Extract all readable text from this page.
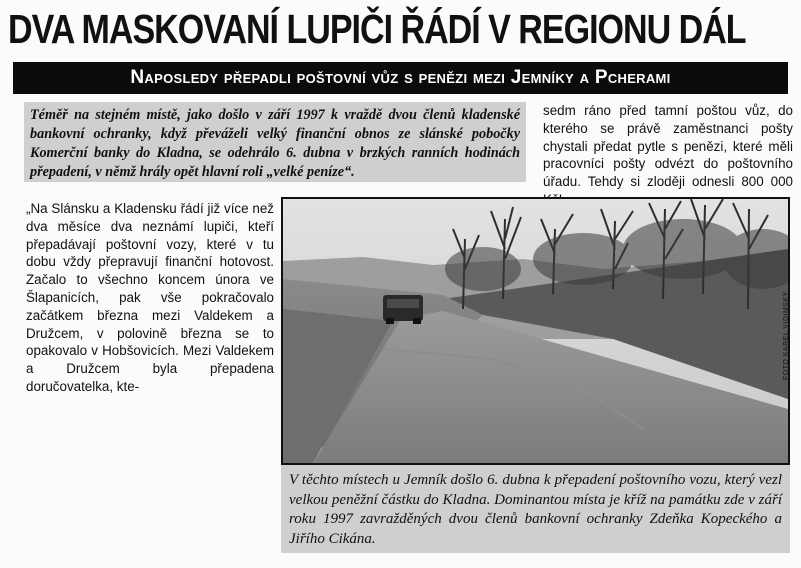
DVA MASKOVANÍ LUPIČI ŘÁDÍ V REGIONU DÁL
Naposledy přepadli poštovní vůz s penězi mezi Jemníky a Pcherami
Téměř na stejném místě, jako došlo v září 1997 k vraždě dvou členů kladenské bankovní ochranky, když převáželi velký finanční obnos ze slánské pobočky Komerční banky do Kladna, se odehrálo 6. dubna v brzkých ranních hodinách přepadení, v němž hrály opět hlavní roli „velké peníze“.
„Na Slánsku a Kladensku řádí již více než dva měsíce dva neznámí lupiči, kteří přepadávají poštovní vozy, které v tu dobu vždy přepravují finanční hotovost. Začalo to všechno koncem února ve Šlapanicích, pak vše pokračovalo začátkem března mezi Valdekem a Družcem, v polovině března se to opakovalo v Hobšovicích. Mezi Valdekem a Družcem byla přepadena doručovatelka, kte-
sedm ráno před tamní poštou vůz, do kterého se právě zaměstnanci pošty chystali předat pytle s penězi, které měli pracovníci pošty odvézt do poštovního úřadu. Tehdy si zloději odnesli 800 000
FOTO KAREL VIDIMSKÝ
V těchto místech u Jemník došlo 6. dubna k přepadení poštovního vozu, který vezl velkou peněžní částku do Kladna. Dominantou místa je kříž na památku zde v září roku 1997 zavražděných dvou členů bankovní ochranky Zdeňka Kopeckého a Jiřího Cikána.
